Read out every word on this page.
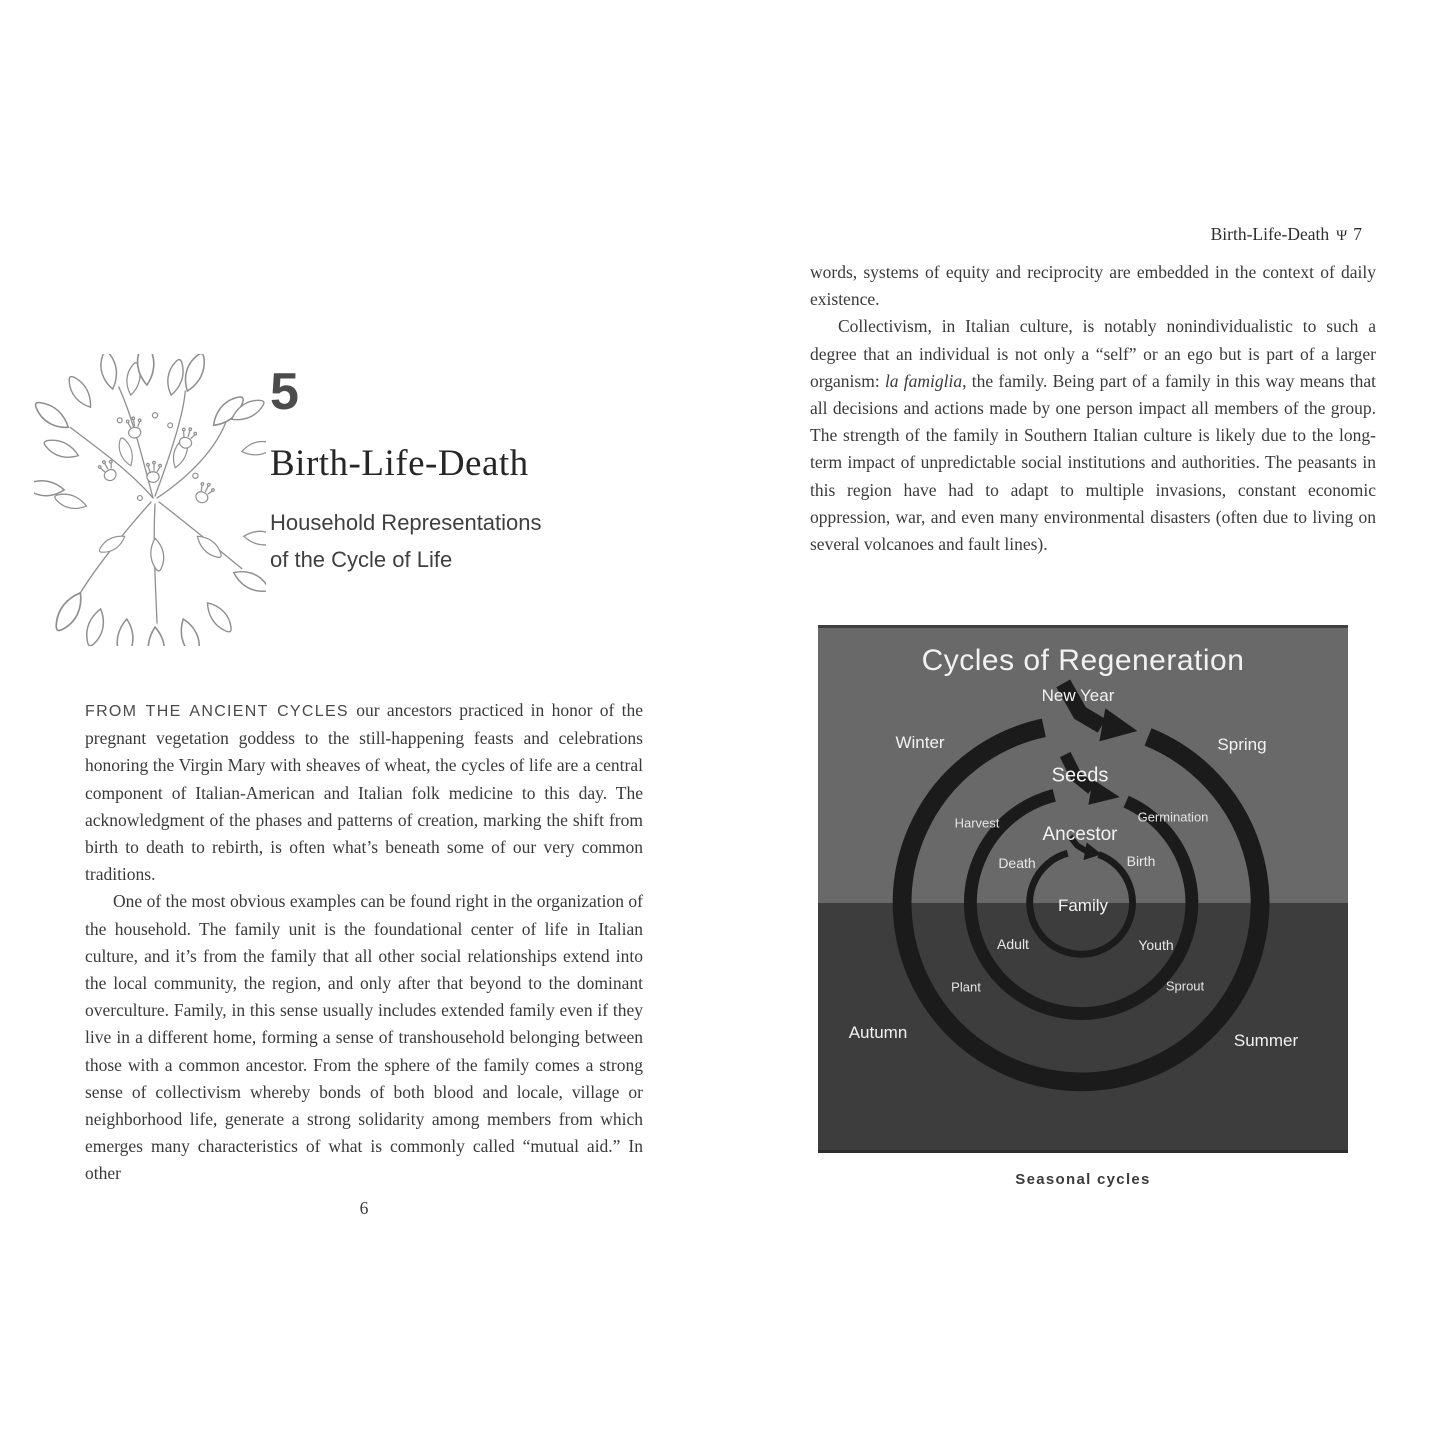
5
Birth-Life-Death
Household Representations
of the Cycle of Life

FROM THE ANCIENT CYCLES our ancestors practiced in honor of the pregnant vegetation goddess to the still-happening feasts and celebrations honoring the Virgin Mary with sheaves of wheat, the cycles of life are a central component of Italian-American and Italian folk medicine to this day. The acknowledgment of the phases and patterns of creation, marking the shift from birth to death to rebirth, is often what’s beneath some of our very common traditions.

One of the most obvious examples can be found right in the organization of the household. The family unit is the foundational center of life in Italian culture, and it’s from the family that all other social relationships extend into the local community, the region, and only after that beyond to the dominant overculture. Family, in this sense usually includes extended family even if they live in a different home, forming a sense of transhousehold belonging between those with a common ancestor. From the sphere of the family comes a strong sense of collectivism whereby bonds of both blood and locale, village or neighborhood life, generate a strong solidarity among members from which emerges many characteristics of what is commonly called “mutual aid.” In other

6
Birth-Life-Death Ψ 7

words, systems of equity and reciprocity are embedded in the context of daily existence.

Collectivism, in Italian culture, is notably nonindividualistic to such a degree that an individual is not only a “self” or an ego but is part of a larger organism: la famiglia, the family. Being part of a family in this way means that all decisions and actions made by one person impact all members of the group. The strength of the family in Southern Italian culture is likely due to the long-term impact of unpredictable social institutions and authorities. The peasants in this region have had to adapt to multiple invasions, constant economic oppression, war, and even many environmental disasters (often due to living on several volcanoes and fault lines).

Cycles of Regeneration
New Year
Winter	Spring
Autumn	Summer
Seeds
Harvest	Germination
Plant	Sprout
Ancestor
Death	Birth
Adult	Youth
Family
Seasonal cycles
